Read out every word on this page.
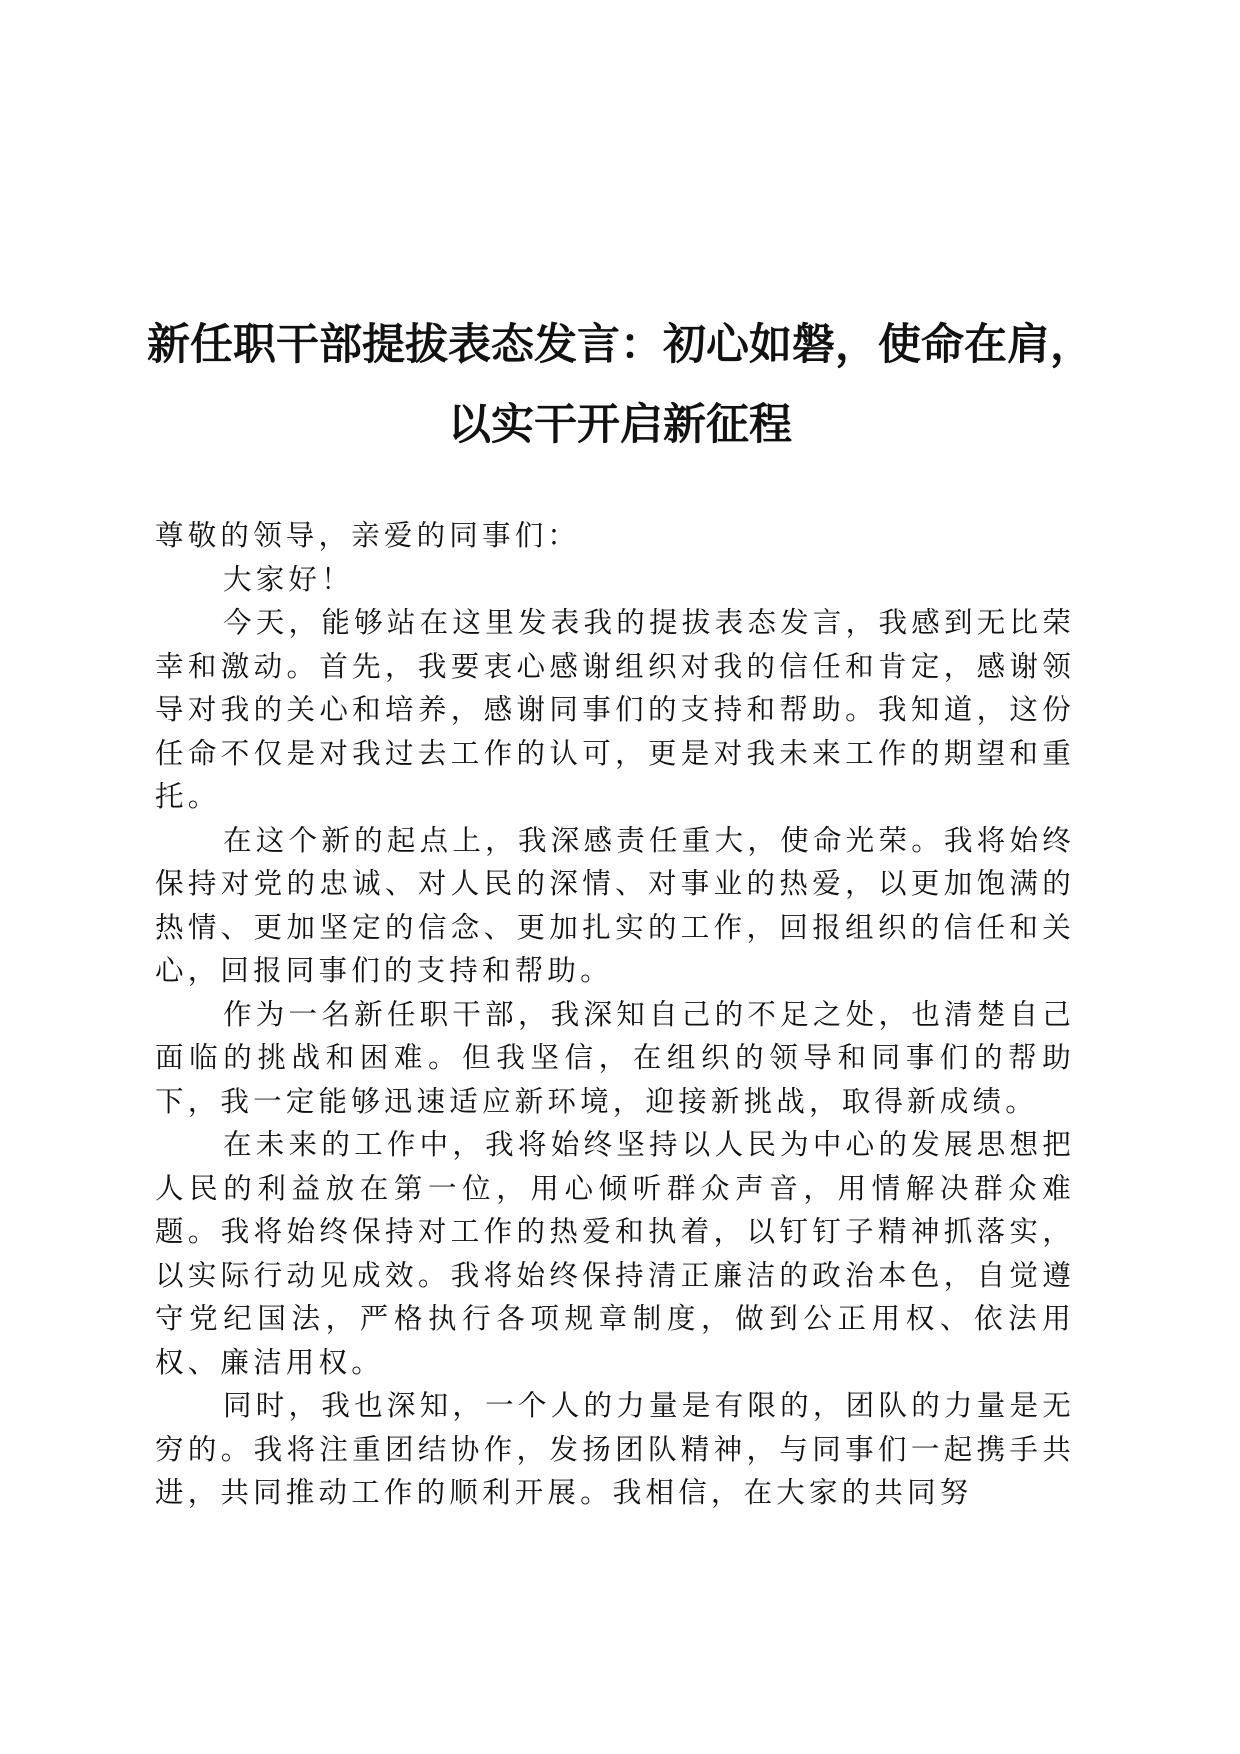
新任职干部提拔表态发言：初心如磐，使命在肩，以实干开启新征程

尊敬的领导，亲爱的同事们：

大家好！

今天，能够站在这里发表我的提拔表态发言，我感到无比荣幸和激动。首先，我要衷心感谢组织对我的信任和肯定，感谢领导对我的关心和培养，感谢同事们的支持和帮助。我知道，这份任命不仅是对我过去工作的认可，更是对我未来工作的期望和重托。

在这个新的起点上，我深感责任重大，使命光荣。我将始终保持对党的忠诚、对人民的深情、对事业的热爱，以更加饱满的热情、更加坚定的信念、更加扎实的工作，回报组织的信任和关心，回报同事们的支持和帮助。

作为一名新任职干部，我深知自己的不足之处，也清楚自己面临的挑战和困难。但我坚信，在组织的领导和同事们的帮助下，我一定能够迅速适应新环境，迎接新挑战，取得新成绩。

在未来的工作中，我将始终坚持以人民为中心的发展思想把人民的利益放在第一位，用心倾听群众声音，用情解决群众难题。我将始终保持对工作的热爱和执着，以钉钉子精神抓落实，以实际行动见成效。我将始终保持清正廉洁的政治本色，自觉遵守党纪国法，严格执行各项规章制度，做到公正用权、依法用权、廉洁用权。

同时，我也深知，一个人的力量是有限的，团队的力量是无穷的。我将注重团结协作，发扬团队精神，与同事们一起携手共进，共同推动工作的顺利开展。我相信，在大家的共同努
